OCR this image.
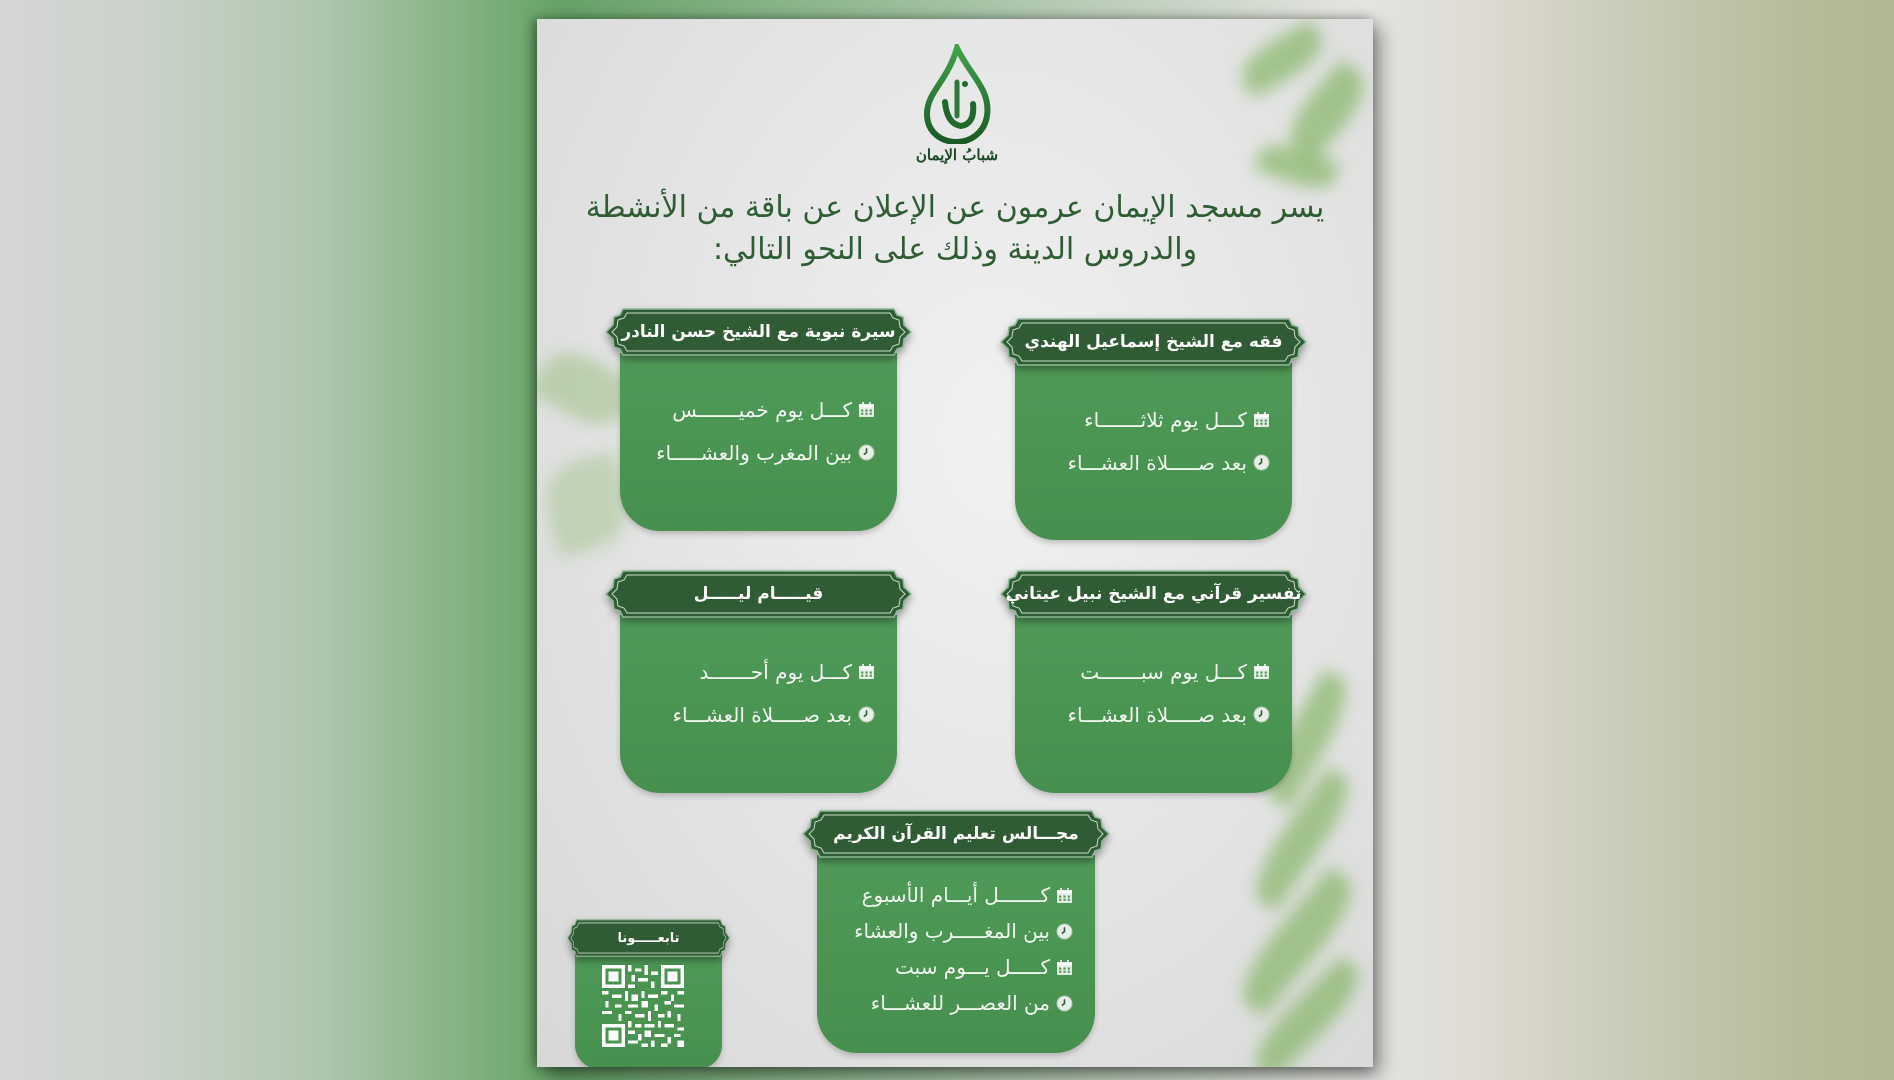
شبابُ الإيمان
يسر مسجد الإيمان عرمون عن الإعلان عن باقة من الأنشطة
والدروس الدينة وذلك على النحو التالي:
فقه مع الشيخ إسماعيل الهندي
كـــل يوم ثلاثـــــــاء
بعد صـــــلاة العشـــاء
سيرة نبوية مع الشيخ حسن النادر
كـــل يوم خميـــــــس
بين المغرب والعشـــــاء
تفسير قرآني مع الشيخ نبيل عيتاني
كـــل يوم سبـــــــت
بعد صـــــلاة العشـــاء
قيـــــام ليـــــل
كـــل يوم أحـــــــد
بعد صـــــلاة العشـــاء
مجـــالس تعليم القرآن الكريم
كـــــــل أيـــام الأسبوع
بين المغـــــرب والعشاء
كـــــل يـــوم سبت
من العصـــر للعشـــاء
تابعـــــونا
